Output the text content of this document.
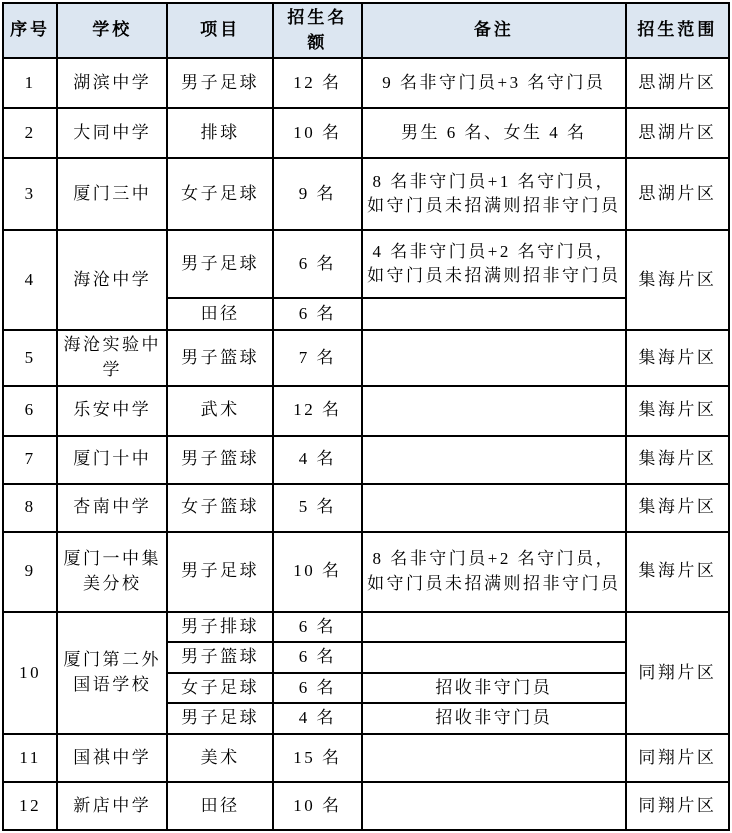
序号	学校	项目	招生名额	备注	招生范围
1	湖滨中学	男子足球	12 名	9 名非守门员+3 名守门员	思湖片区
2	大同中学	排球	10 名	男生 6 名、女生 4 名	思湖片区
3	厦门三中	女子足球	9 名	8 名非守门员+1 名守门员，如守门员未招满则招非守门员	思湖片区
4	海沧中学	男子足球	6 名	4 名非守门员+2 名守门员，如守门员未招满则招非守门员	集海片区
		田径	6 名		
5	海沧实验中学	男子篮球	7 名		集海片区
6	乐安中学	武术	12 名		集海片区
7	厦门十中	男子篮球	4 名		集海片区
8	杏南中学	女子篮球	5 名		集海片区
9	厦门一中集美分校	男子足球	10 名	8 名非守门员+2 名守门员，如守门员未招满则招非守门员	集海片区
10	厦门第二外国语学校	男子排球	6 名		同翔片区
		男子篮球	6 名		
		女子足球	6 名	招收非守门员	
		男子足球	4 名	招收非守门员	
11	国祺中学	美术	15 名		同翔片区
12	新店中学	田径	10 名		同翔片区
